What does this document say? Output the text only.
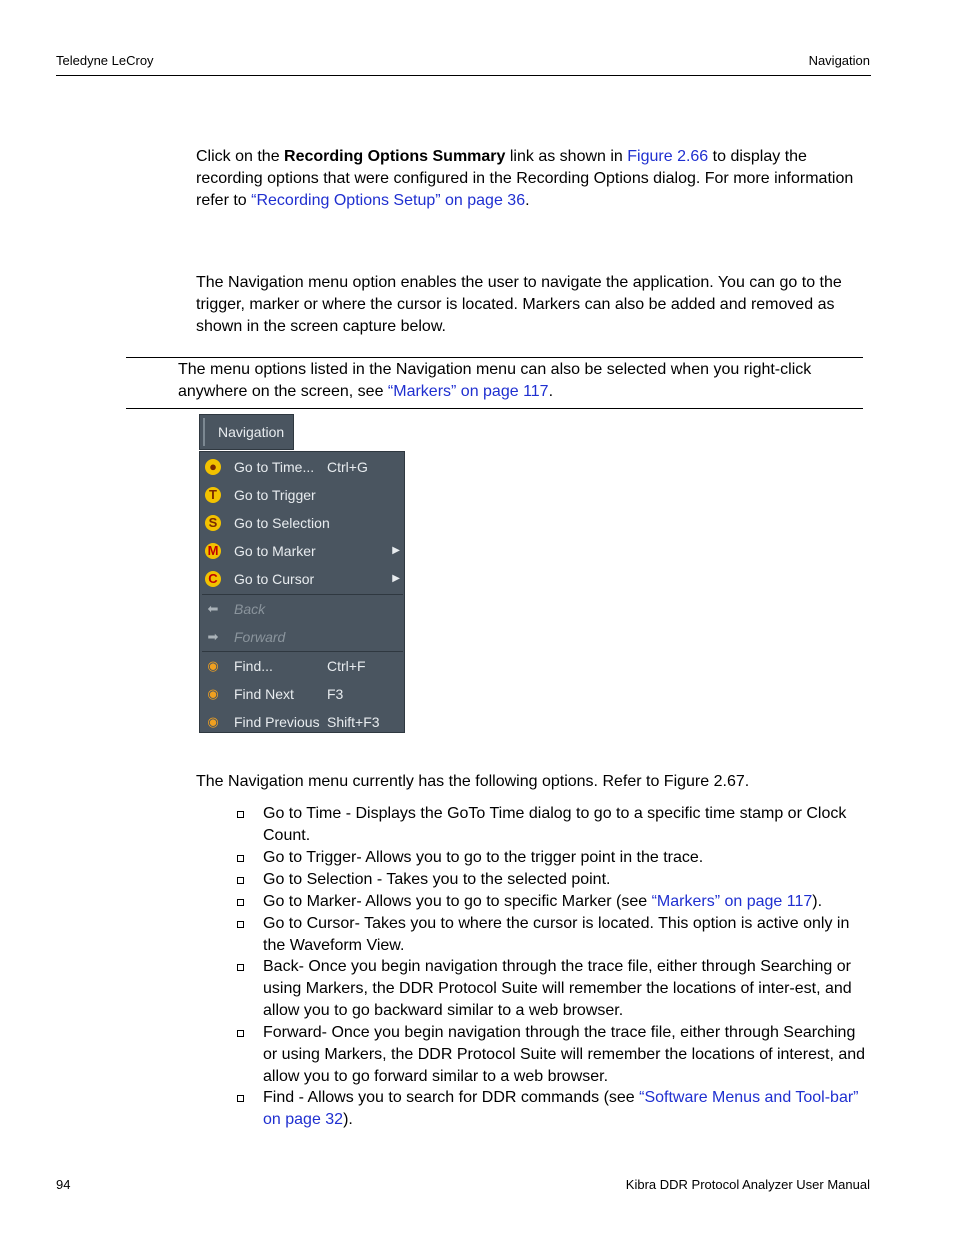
Teledyne LeCroy	Navigation
Click on the Recording Options Summary link as shown in Figure 2.66 to display the recording options that were configured in the Recording Options dialog. For more information refer to “Recording Options Setup” on page 36.
The Navigation menu option enables the user to navigate the application. You can go to the trigger, marker or where the cursor is located. Markers can also be added and removed as shown in the screen capture below.
The menu options listed in the Navigation menu can also be selected when you right-click anywhere on the screen, see “Markers” on page 117.
Navigation
● Go to Time... Ctrl+G
T Go to Trigger
S Go to Selection
M Go to Marker	▶
C Go to Cursor	▶
⬅ Back
➡ Forward
◉ Find...	Ctrl+F
◉ Find Next F3
◉ Find Previous Shift+F3
The Navigation menu currently has the following options. Refer to Figure 2.67.
Go to Time - Displays the GoTo Time dialog to go to a specific time stamp or Clock Count.
Go to Trigger- Allows you to go to the trigger point in the trace.
Go to Selection - Takes you to the selected point.
Go to Marker- Allows you to go to specific Marker (see “Markers” on page 117).
Go to Cursor- Takes you to where the cursor is located. This option is active only in the Waveform View.
Back- Once you begin navigation through the trace file, either through Searching or using Markers, the DDR Protocol Suite will remember the locations of inter-est, and allow you to go backward similar to a web browser.
Forward- Once you begin navigation through the trace file, either through Searching or using Markers, the DDR Protocol Suite will remember the locations of interest, and allow you to go forward similar to a web browser.
Find - Allows you to search for DDR commands (see “Software Menus and Tool-bar” on page 32).
94	Kibra DDR Protocol Analyzer User Manual
